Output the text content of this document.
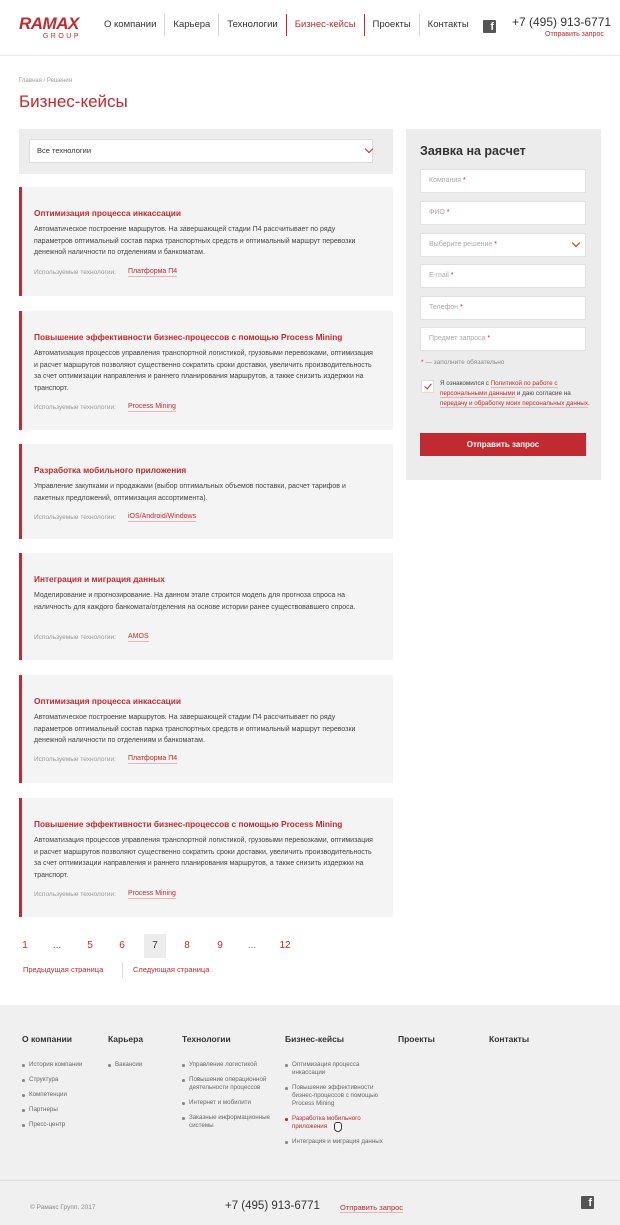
RAMAX
GROUP
О компании	Карьера	Технологии	Бизнес-кейсы	Проекты	Контакты	f +7 (495) 913-6771
Отправить запрос
Главная / Решения
Бизнес-кейсы
Все технологии
Оптимизация процесса инкассации
Автоматическое построение маршрутов. На завершающей стадии П4 рассчитывает по ряду параметров оптимальный состав парка транспортных средств и оптимальный маршрут перевозки денежной наличности по отделениям и банкоматам.
Используемые технологии: Платформа П4
Повышение эффективности бизнес-процессов с помощью Process Mining
Автоматизация процессов управления транспортной логистикой, грузовыми перевозками, оптимизация и расчет маршрутов позволяют существенно сократить сроки доставки, увеличить производительность за счет оптимизации направления и раннего планирования маршрутов, а также снизить издержки на транспорт.
Используемые технологии: Process Mining
Разработка мобильного приложения
Управление закупками и продажами (выбор оптимальных объемов поставки, расчет тарифов и пакетных предложений, оптимизация ассортимента).
Используемые технологии: iOS/Android/Windows
Интеграция и миграция данных
Моделирование и прогнозирование. На данном этапе строится модель для прогноза спроса на наличность для каждого банкомата/отделения на основе истории ранее существовавшего спроса.
Используемые технологии: AMOS
Оптимизация процесса инкассации
Автоматическое построение маршрутов. На завершающей стадии П4 рассчитывает по ряду параметров оптимальный состав парка транспортных средств и оптимальный маршрут перевозки денежной наличности по отделениям и банкоматам.
Используемые технологии: Платформа П4
Повышение эффективности бизнес-процессов с помощью Process Mining
Автоматизация процессов управления транспортной логистикой, грузовыми перевозками, оптимизация и расчет маршрутов позволяют существенно сократить сроки доставки, увеличить производительность за счет оптимизации направления и раннего планирования маршрутов, а также снизить издержки на транспорт.
Используемые технологии: Process Mining
1	...	5	6	7	8	9	...	12
Предыдущая страница	Следующая страница
Заявка на расчет
Компания *
ФИО *
Выберите решение *
E-mail *
Телефон *
Предмет запроса *
* — заполните обязательно
Я ознакомился с Политикой по работе с персональными данными и даю согласие на передачу и обработку моих персональных данных.
Отправить запрос
О компании
История компании
Структура
Компетенции
Партнеры
Пресс-центр
Карьера
Вакансии
Технологии
Управление логистикой
Повышение операционной деятельности процессов
Интернет и мобилити
Заказные информационные системы
Бизнес-кейсы
Оптимизация процесса инкассации
Повышение эффективности бизнес-процессов с помощью Process Mining
Разработка мобильного приложения
Интеграция и миграция данных
Проекты	Контакты
© Рамакс Групп, 2017	+7 (495) 913-6771	Отправить запрос	f
